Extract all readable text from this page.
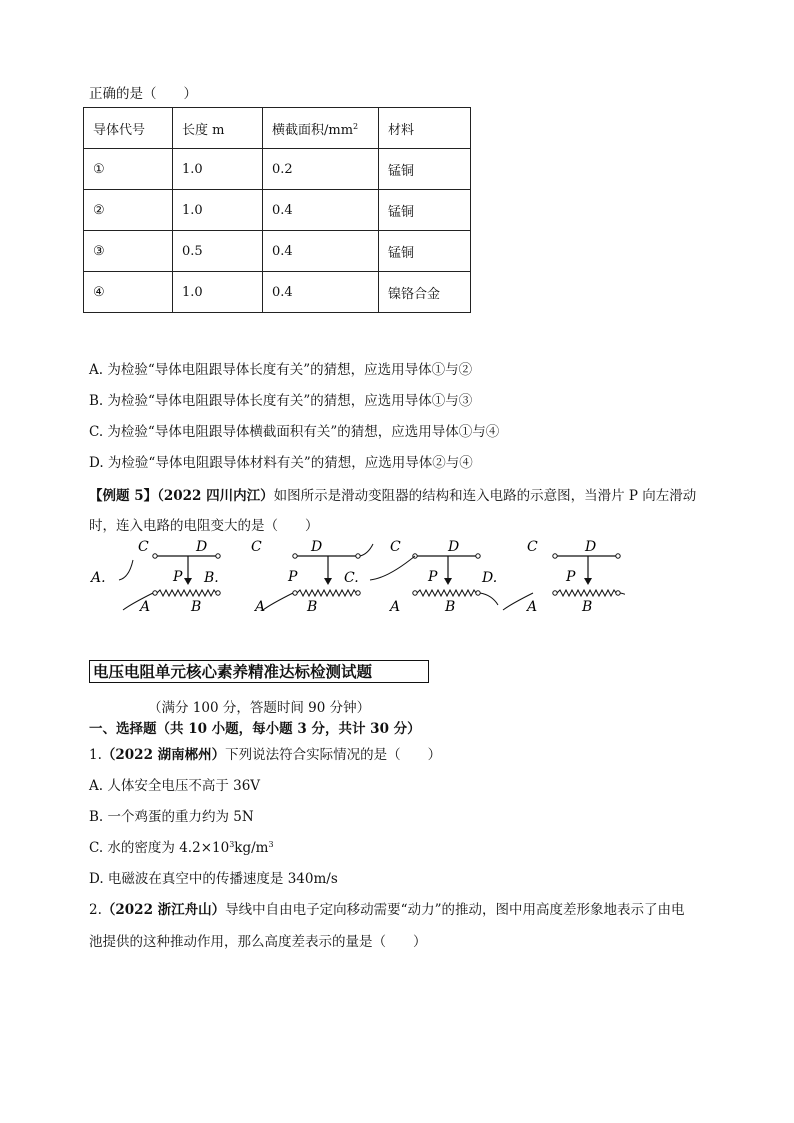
正确的是（　　）
导体代号	长度 m	横截面积$/mm^2$	材料
①	1.0	0.2	锰铜
②	1.0	0.4	锰铜
③	0.5	0.4	锰铜
④	1.0	0.4	镍铬合金
A. 为检验“导体电阻跟导体长度有关”的猜想，应选用导体①与②
B. 为检验“导体电阻跟导体长度有关”的猜想，应选用导体①与③
C. 为检验“导体电阻跟导体横截面积有关”的猜想，应选用导体①与④
D. 为检验“导体电阻跟导体材料有关”的猜想，应选用导体②与④
【例题 5】（2022 四川内江）如图所示是滑动变阻器的结构和连入电路的示意图，当滑片 P 向左滑动
时，连入电路的电阻变大的是（　　）
C	D
P
A	B
C	D
P
A	B
C	D
P
A	B
C	D
P
A	B
A.	B.	C.	D.
电压电阻单元核心素养精准达标检测试题
（满分 100 分，答题时间 90 分钟）
一、选择题（共 10 小题，每小题 3 分，共计 30 分）
1.（2022 湖南郴州）下列说法符合实际情况的是（　　）
A. 人体安全电压不高于 36V
B. 一个鸡蛋的重力约为 5N
C. 水的密度为 $4.2\times 10^3kg/m^3$
D. 电磁波在真空中的传播速度是 340m/s
2.（2022 浙江舟山）导线中自由电子定向移动需要“动力”的推动，图中用高度差形象地表示了由电
池提供的这种推动作用，那么高度差表示的量是（　　）
